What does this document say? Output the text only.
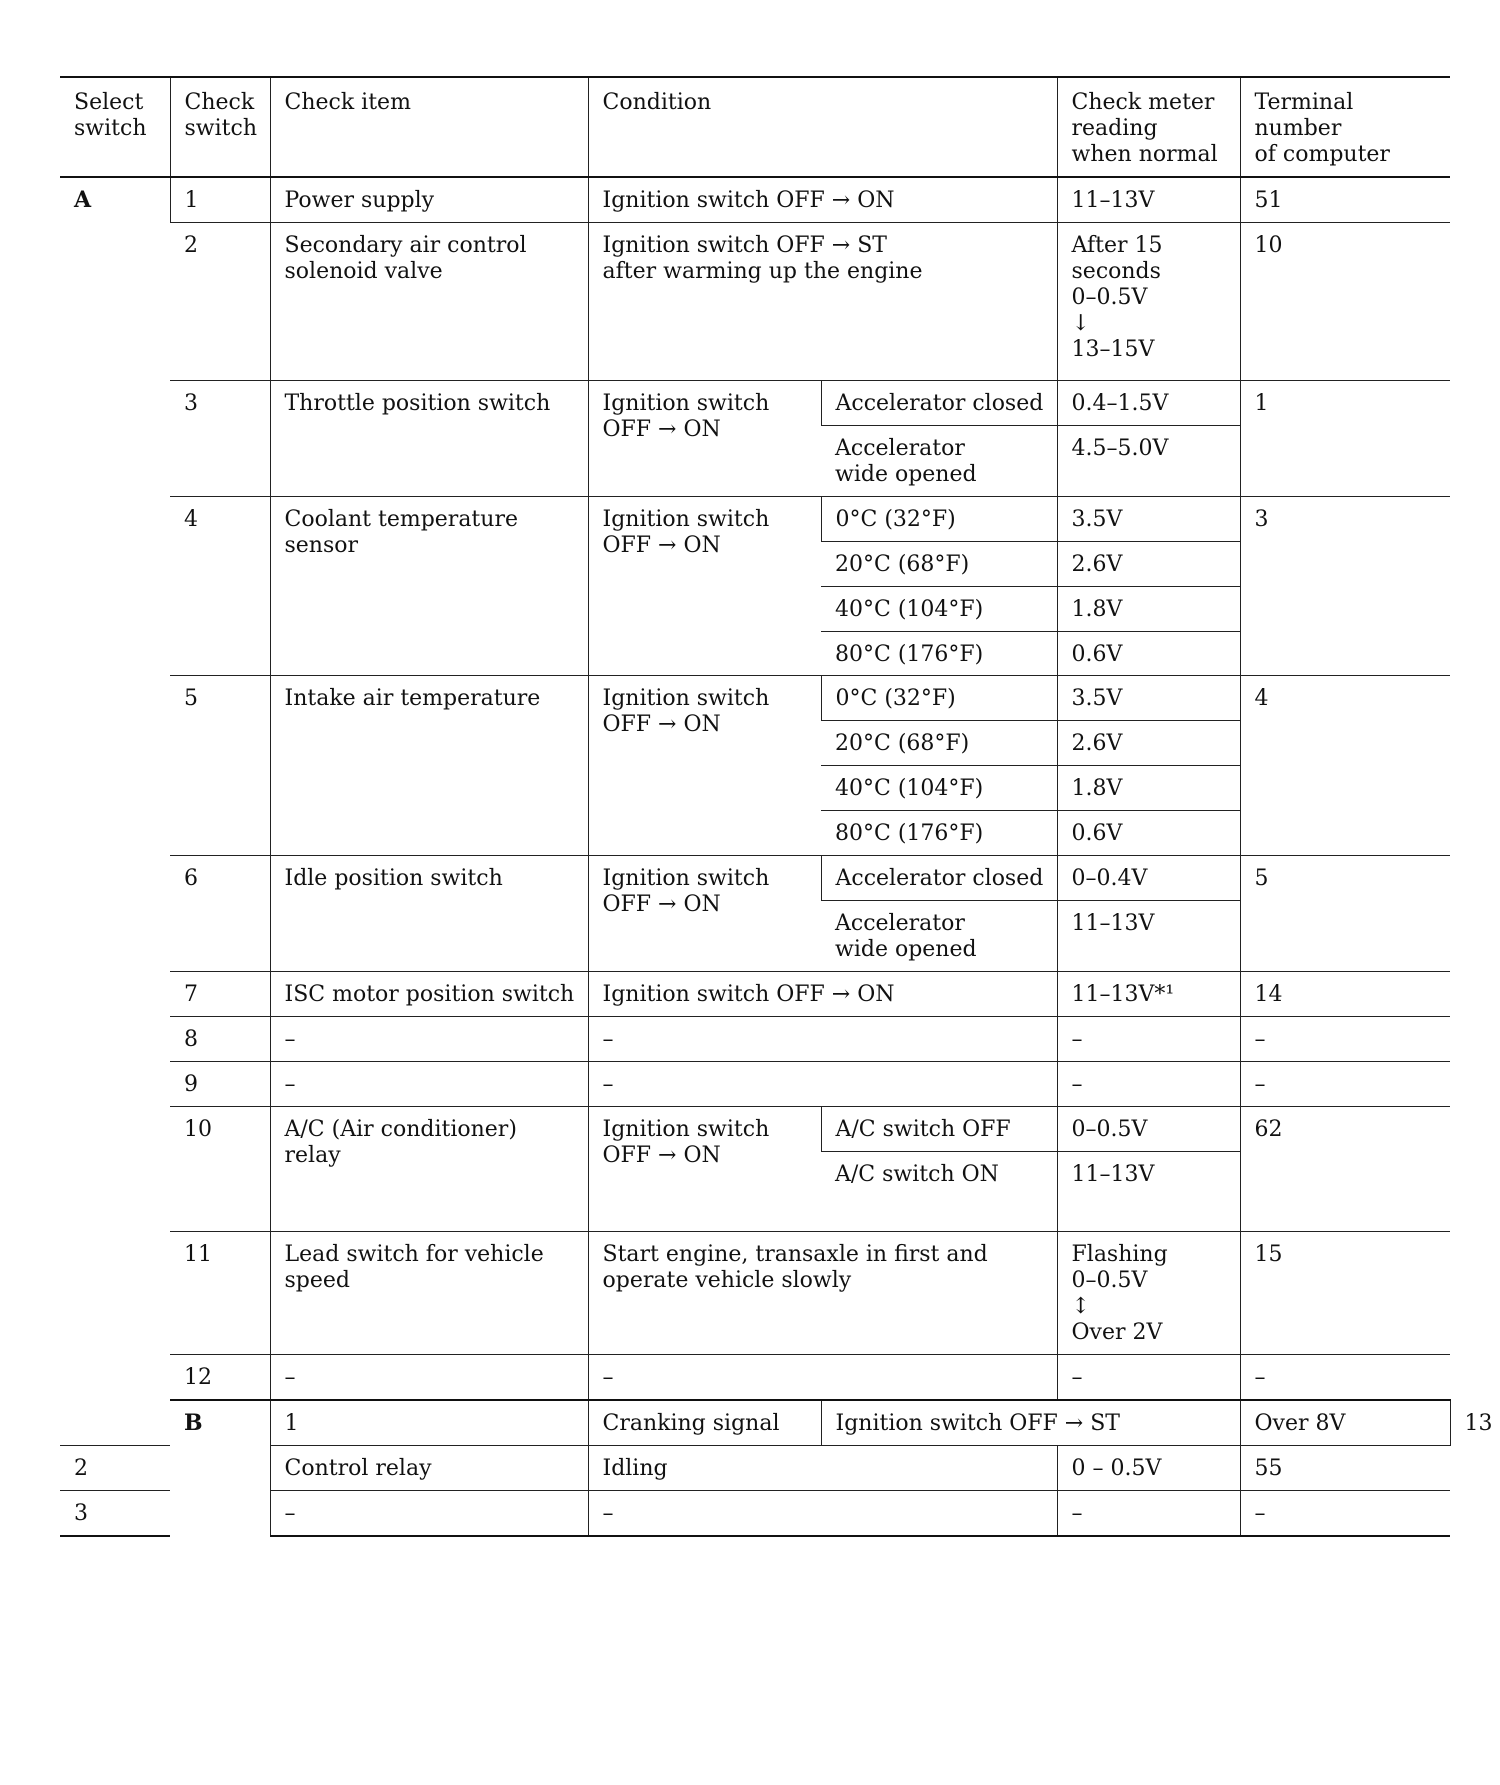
Select
switch	Check
switch	Check item	Condition		Check meter
reading
when normal	Terminal
number
of computer	
A	1	Power supply	Ignition switch OFF → ON		11–13V	51	
	2	Secondary air control
solenoid valve	Ignition switch OFF → ST
after warming up the engine		After 15
seconds
0–0.5V
↓
13–15V	10	
	3	Throttle position switch	Ignition switch
OFF → ON	Accelerator closed	0.4–1.5V	1	
				Accelerator
wide opened	4.5–5.0V		
	4	Coolant temperature sensor	Ignition switch
OFF → ON	0°C (32°F)	3.5V	3	
				20°C (68°F)	2.6V		
				40°C (104°F)	1.8V		
				80°C (176°F)	0.6V		
	5	Intake air temperature	Ignition switch
OFF → ON	0°C (32°F)	3.5V	4	
				20°C (68°F)	2.6V		
				40°C (104°F)	1.8V		
				80°C (176°F)	0.6V		
	6	Idle position switch	Ignition switch
OFF → ON	Accelerator closed	0–0.4V	5	
				Accelerator
wide opened	11–13V		
	7	ISC motor position switch	Ignition switch OFF → ON		11–13V*¹	14	
	8	–	–		–	–	
	9	–	–		–	–	
	10	A/C (Air conditioner) relay	Ignition switch
OFF → ON	A/C switch OFF	0–0.5V	62	
				A/C switch ON	11–13V		
	11	Lead switch for vehicle
speed	Start engine, transaxle in first and
operate vehicle slowly		Flashing
0–0.5V
↕
Over 2V	15	
	12	–	–		–	–	
	B	1	Cranking signal	Ignition switch OFF → ST		Over 8V	13
2		Control relay	Idling		0 – 0.5V	55	
3		–	–		–	–	
